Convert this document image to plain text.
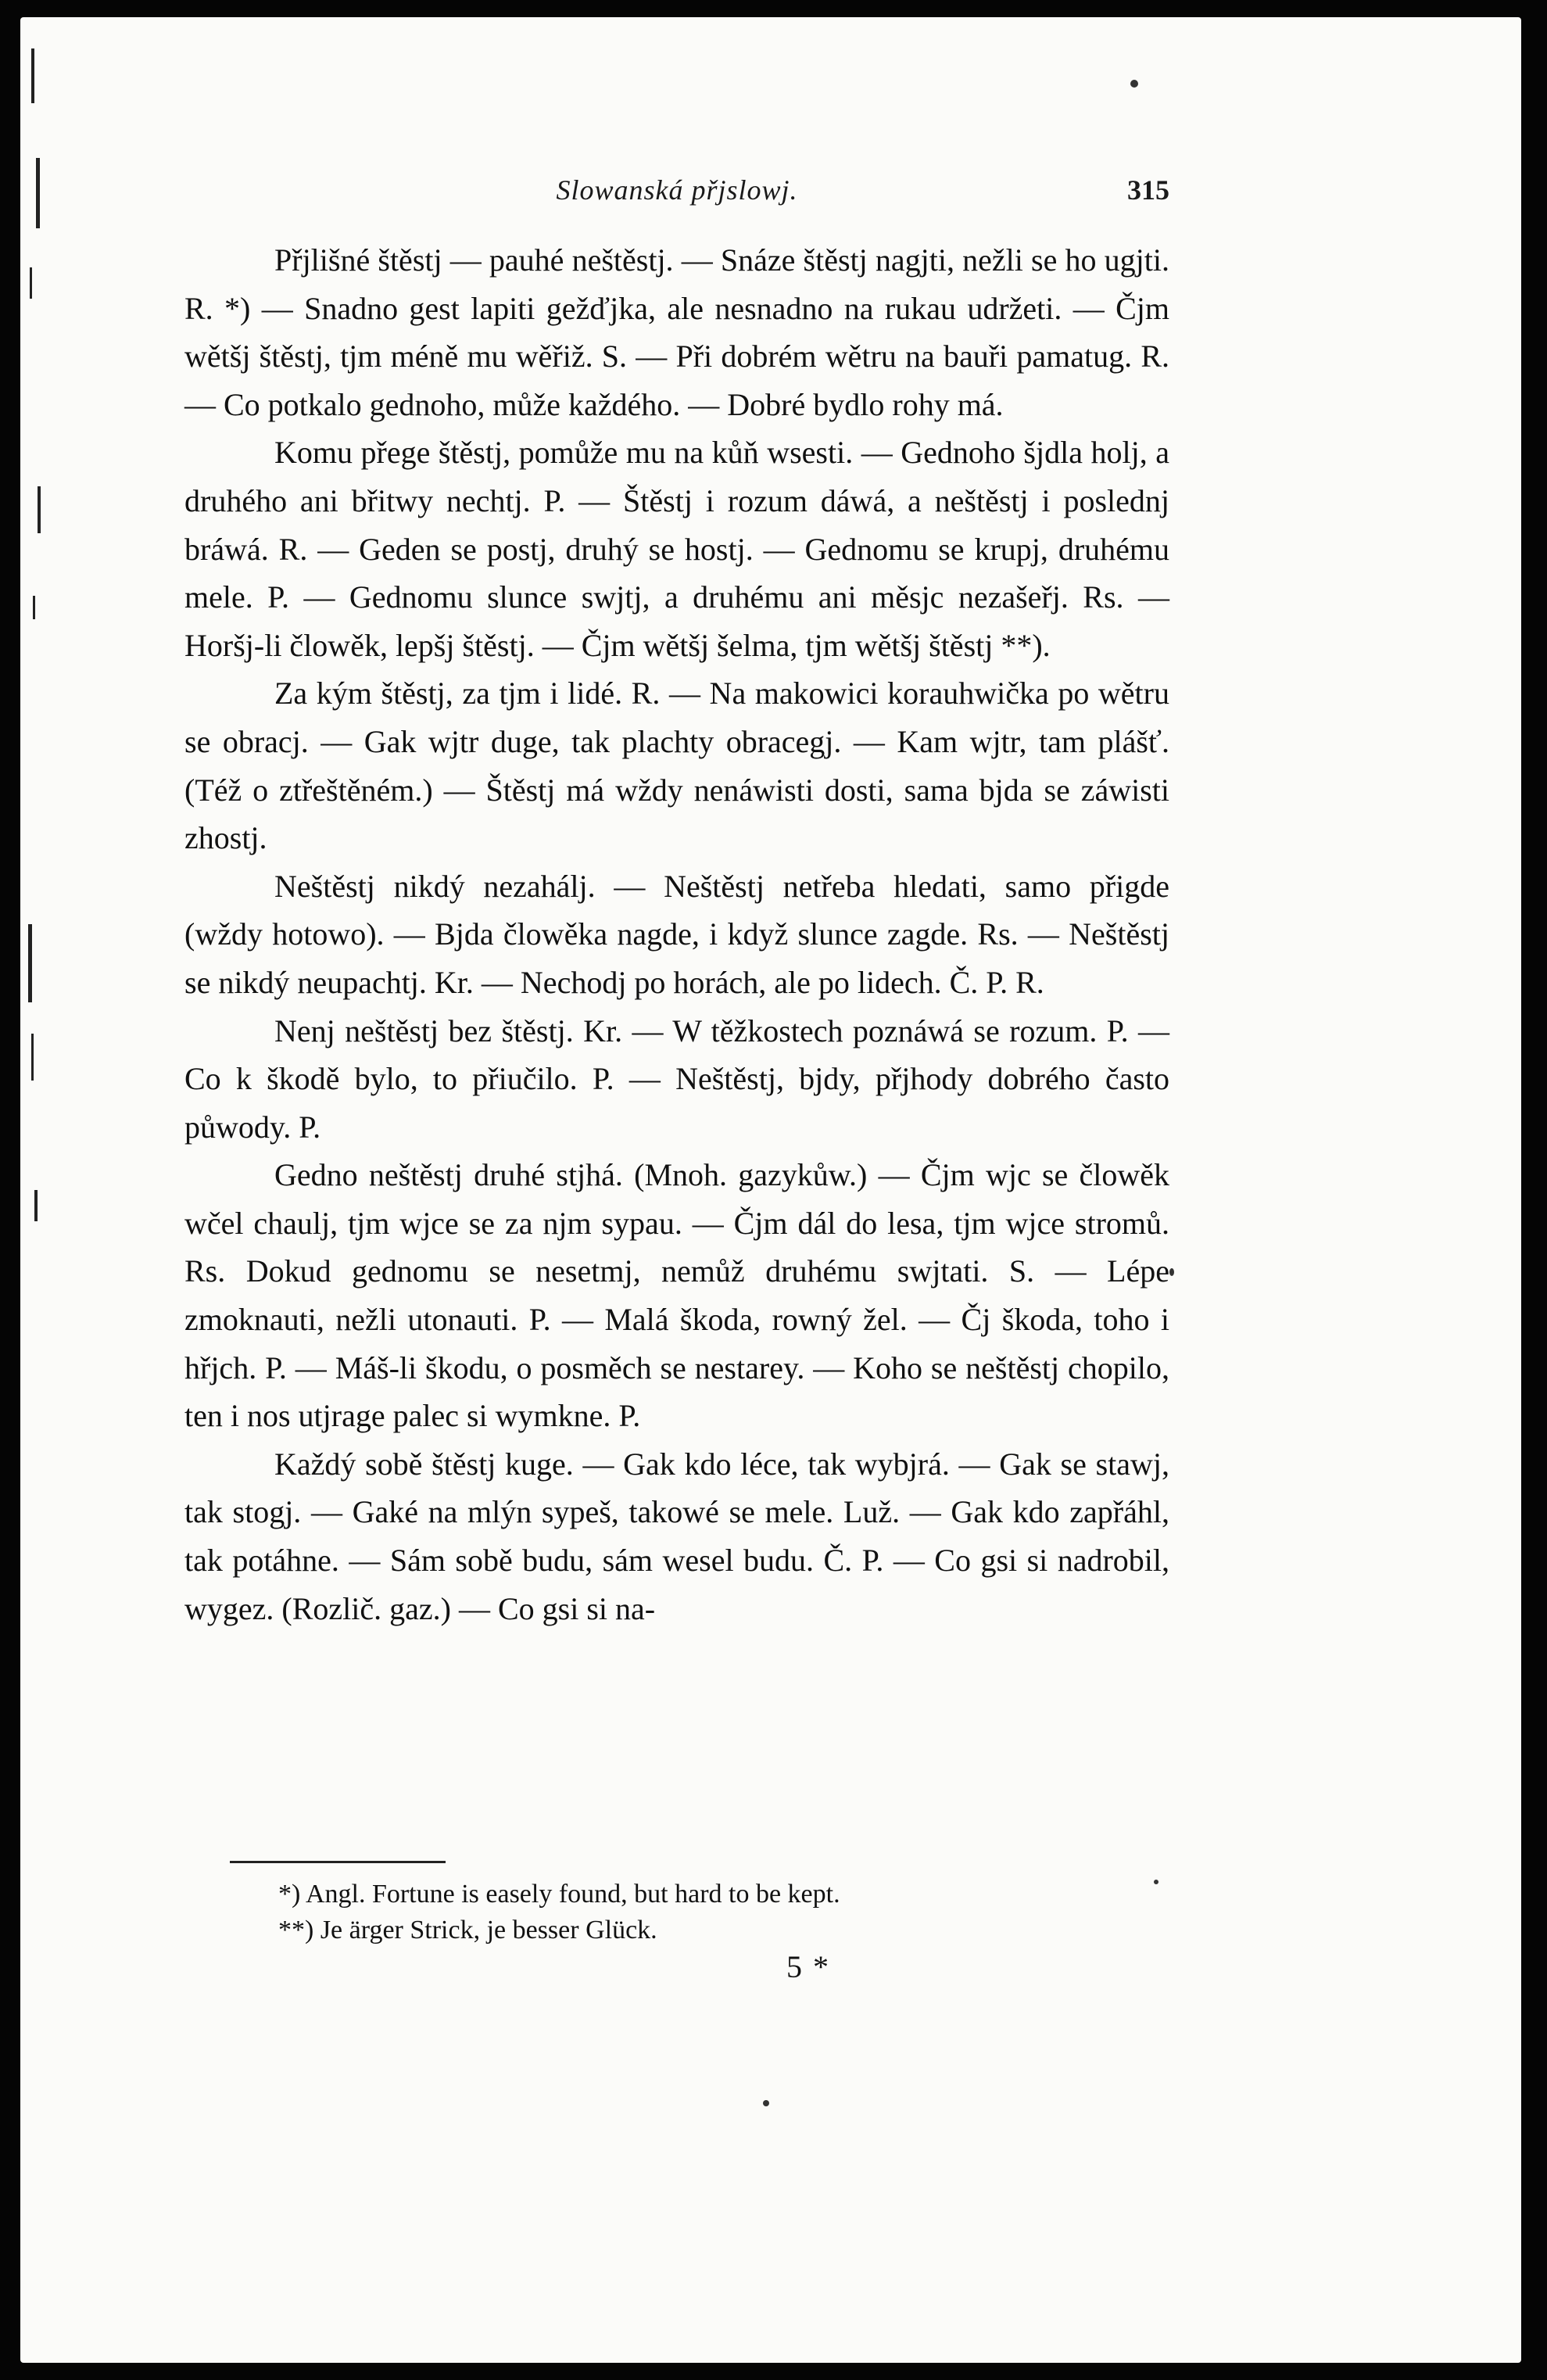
Slowanská přjslowj.	315

Přjlišné štěstj — pauhé neštěstj. — Snáze štěstj nagjti, nežli se ho ugjti. R. *) — Snadno gest lapiti gežďjka, ale nesnadno na rukau udržeti. — Čjm wětšj štěstj, tjm méně mu wěřiž. S. — Při dobrém wětru na bauři pamatug. R. — Co potkalo gednoho, může každého. — Dobré bydlo rohy má.

Komu přege štěstj, pomůže mu na kůň wsesti. — Gednoho šjdla holj, a druhého ani břitwy nechtj. P. — Štěstj i rozum dáwá, a neštěstj i poslednj bráwá. R. — Geden se postj, druhý se hostj. — Gednomu se krupj, druhému mele. P. — Gednomu slunce swjtj, a druhému ani měsjc nezašeřj. Rs. — Horšj-li člowěk, lepšj štěstj. — Čjm wětšj šelma, tjm wětšj štěstj **).

Za kým štěstj, za tjm i lidé. R. — Na makowici korauhwička po wětru se obracj. — Gak wjtr duge, tak plachty obracegj. — Kam wjtr, tam plášť. (Též o ztřeštěném.) — Štěstj má wždy nenáwisti dosti, sama bjda se záwisti zhostj.

Neštěstj nikdý nezahálj. — Neštěstj netřeba hledati, samo přigde (wždy hotowo). — Bjda člowěka nagde, i když slunce zagde. Rs. — Neštěstj se nikdý neupachtj. Kr. — Nechodj po horách, ale po lidech. Č. P. R.

Nenj neštěstj bez štěstj. Kr. — W těžkostech poznáwá se rozum. P. — Co k škodě bylo, to přiučilo. P. — Neštěstj, bjdy, přjhody dobrého často půwody. P.

Gedno neštěstj druhé stjhá. (Mnoh. gazykůw.) — Čjm wjc se člowěk wčel chaulj, tjm wjce se za njm sypau. — Čjm dál do lesa, tjm wjce stromů. Rs. Dokud gednomu se nesetmj, nemůž druhému swjtati. S. — Lépe zmoknauti, nežli utonauti. P. — Malá škoda, rowný žel. — Čj škoda, toho i hřjch. P. — Máš-li škodu, o posměch se nestarey. — Koho se neštěstj chopilo, ten i nos utjrage palec si wymkne. P.

Každý sobě štěstj kuge. — Gak kdo léce, tak wybjrá. — Gak se stawj, tak stogj. — Gaké na mlýn sypeš, takowé se mele. Luž. — Gak kdo zapřáhl, tak potáhne. — Sám sobě budu, sám wesel budu. Č. P. — Co gsi si nadrobil, wygez. (Rozlič. gaz.) — Co gsi si na-

*) Angl. Fortune is easely found, but hard to be kept.

**) Je ärger Strick, je besser Glück.

5 *
